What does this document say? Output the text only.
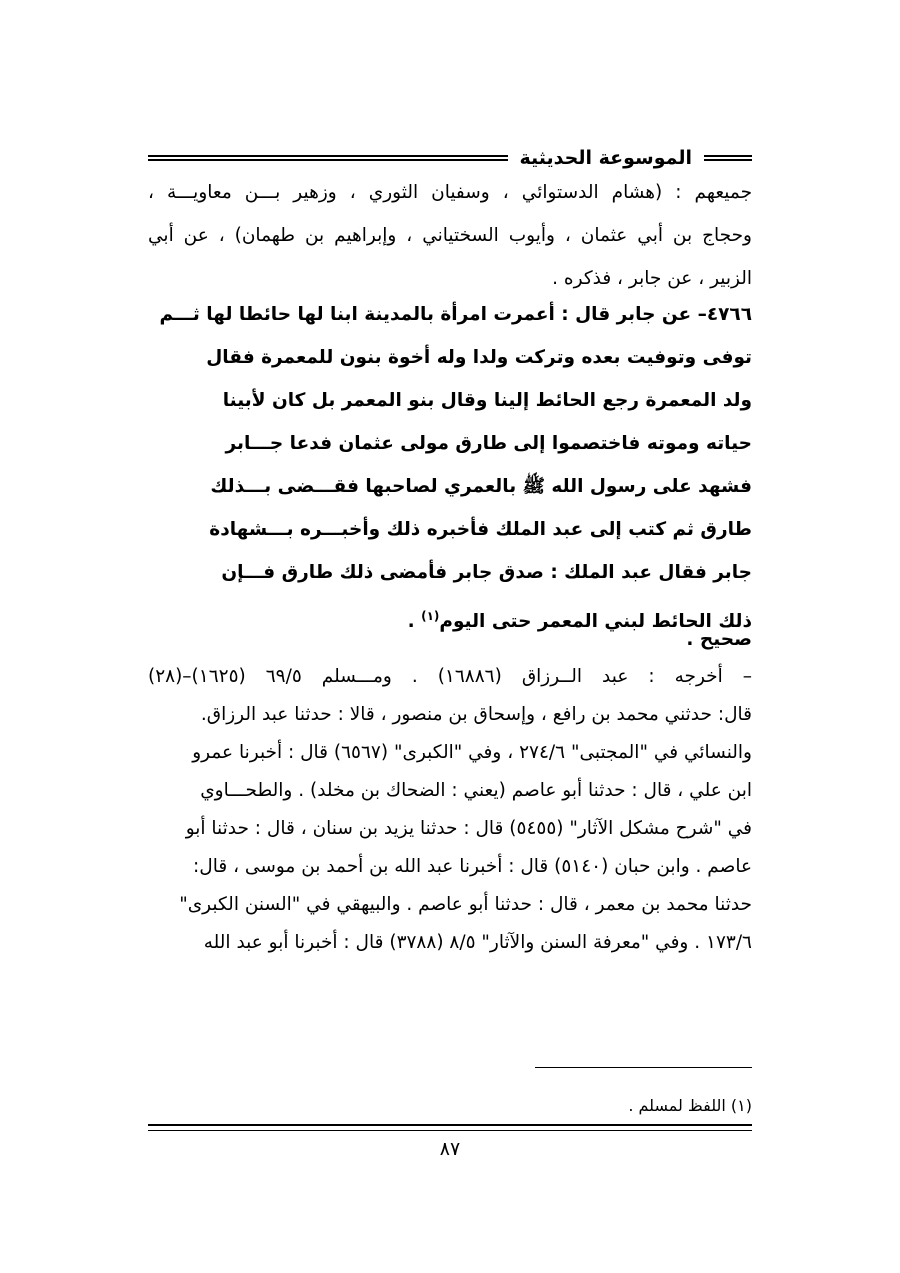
الموسوعة الحديثية
جميعهم : (هشام الدستوائي ، وسفيان الثوري ، وزهير بـــن معاويـــة ،
وحجاج بن أبي عثمان ، وأيوب السختياني ، وإبراهيم بن طهمان) ، عن أبي
الزبير ، عن جابر ، فذكره .
٤٧٦٦– عن جابر قال : أعمرت امرأة بالمدينة ابنا لها حائطا لها ثـــم
توفى وتوفيت بعده وتركت ولدا وله أخوة بنون للمعمرة فقال
ولد المعمرة رجع الحائط إلينا وقال بنو المعمر بل كان لأبينا
حياته وموته فاختصموا إلى طارق مولى عثمان فدعا جـــابر
فشهد على رسول الله ﷺ بالعمري لصاحبها فقـــضى بـــذلك
طارق ثم كتب إلى عبد الملك فأخبره ذلك وأخبـــره بـــشهادة
جابر فقال عبد الملك : صدق جابر فأمضى ذلك طارق فـــإن
ذلك الحائط لبني المعمر حتى اليوم$^{(١)}$ .
صحيح .
– أخرجه : عبد الــرزاق (١٦٨٨٦) . ومـــسلم ٦٩/٥ (١٦٢٥)–(٢٨)
قال: حدثني محمد بن رافع ، وإسحاق بن منصور ، قالا : حدثنا عبد الرزاق.
والنسائي في "المجتبى" ٢٧٤/٦ ، وفي "الكبرى" (٦٥٦٧) قال : أخبرنا عمرو
ابن علي ، قال : حدثنا أبو عاصم (يعني : الضحاك بن مخلد) . والطحـــاوي
في "شرح مشكل الآثار" (٥٤٥٥) قال : حدثنا يزيد بن سنان ، قال : حدثنا أبو
عاصم . وابن حبان (٥١٤٠) قال : أخبرنا عبد الله بن أحمد بن موسى ، قال:
حدثنا محمد بن معمر ، قال : حدثنا أبو عاصم . والبيهقي في "السنن الكبرى"
١٧٣/٦ . وفي "معرفة السنن والآثار" ٨/٥ (٣٧٨٨) قال : أخبرنا أبو عبد الله
(١) اللفظ لمسلم .
٨٧
